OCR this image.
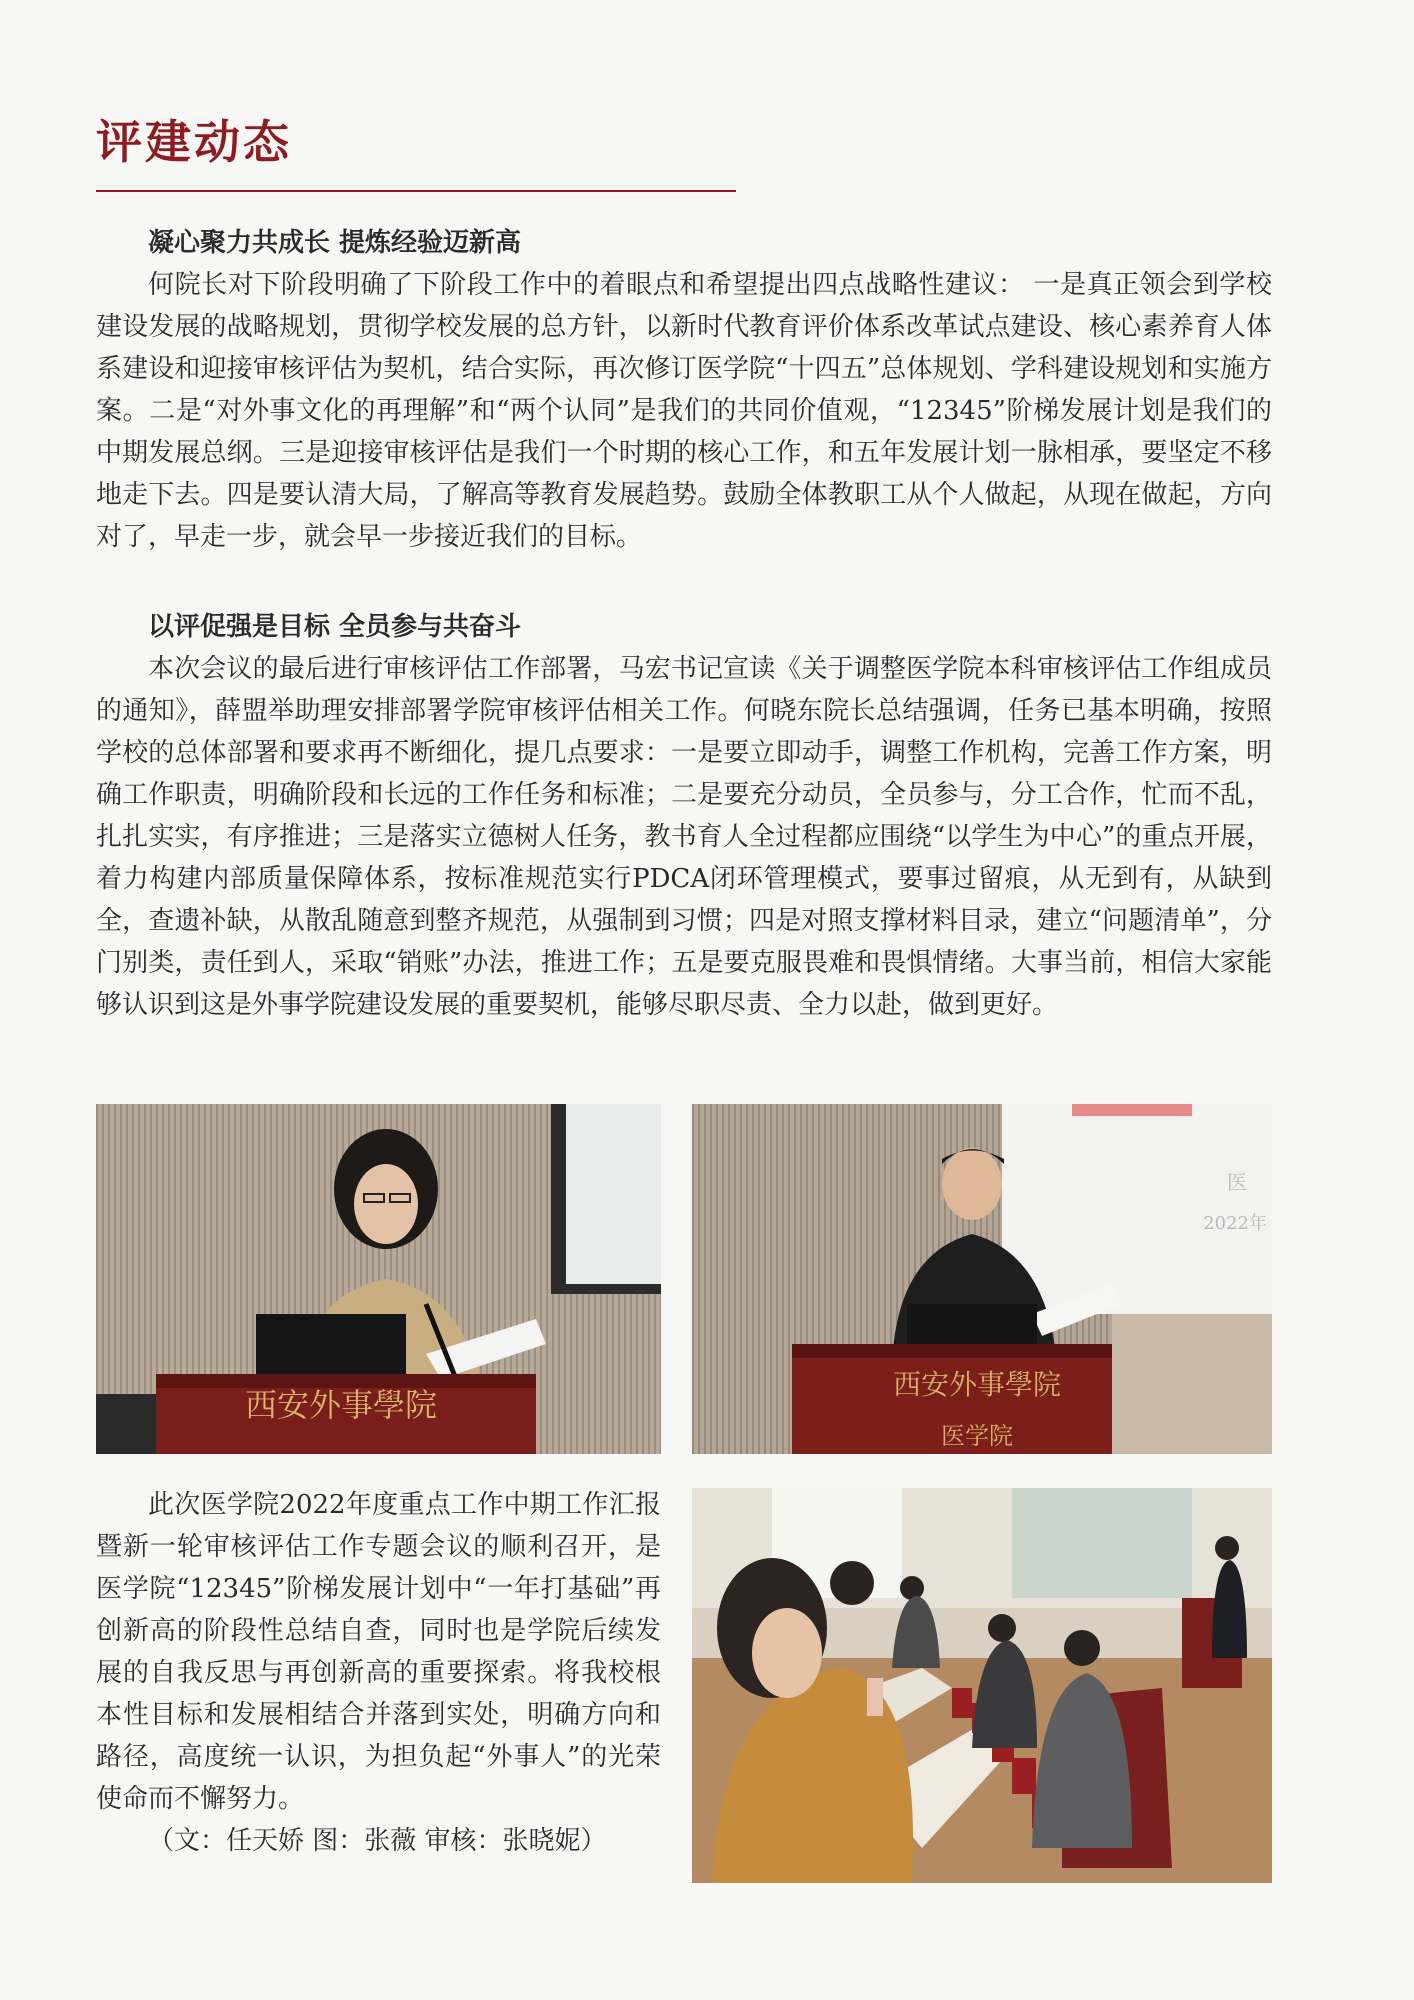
评建动态
凝心聚力共成长 提炼经验迈新高

何院长对下阶段明确了下阶段工作中的着眼点和希望提出四点战略性建议： 一是真正领会到学校建设发展的战略规划，贯彻学校发展的总方针，以新时代教育评价体系改革试点建设、核心素养育人体系建设和迎接审核评估为契机，结合实际，再次修订医学院“十四五”总体规划、学科建设规划和实施方案。二是“对外事文化的再理解”和“两个认同”是我们的共同价值观，“12345”阶梯发展计划是我们的中期发展总纲。三是迎接审核评估是我们一个时期的核心工作，和五年发展计划一脉相承，要坚定不移地走下去。四是要认清大局，了解高等教育发展趋势。鼓励全体教职工从个人做起，从现在做起，方向对了，早走一步，就会早一步接近我们的目标。

以评促强是目标 全员参与共奋斗

本次会议的最后进行审核评估工作部署，马宏书记宣读《关于调整医学院本科审核评估工作组成员的通知》，薛盟举助理安排部署学院审核评估相关工作。何晓东院长总结强调，任务已基本明确，按照学校的总体部署和要求再不断细化，提几点要求：一是要立即动手，调整工作机构，完善工作方案，明确工作职责，明确阶段和长远的工作任务和标准；二是要充分动员，全员参与，分工合作，忙而不乱，扎扎实实，有序推进；三是落实立德树人任务，教书育人全过程都应围绕“以学生为中心”的重点开展，着力构建内部质量保障体系，按标准规范实行PDCA闭环管理模式，要事过留痕，从无到有，从缺到全，查遗补缺，从散乱随意到整齐规范，从强制到习惯；四是对照支撑材料目录，建立“问题清单”，分门别类，责任到人，采取“销账”办法，推进工作；五是要克服畏难和畏惧情绪。大事当前，相信大家能够认识到这是外事学院建设发展的重要契机，能够尽职尽责、全力以赴，做到更好。

西安外事學院
医
2022年
西安外事學院
医学院

此次医学院2022年度重点工作中期工作汇报暨新一轮审核评估工作专题会议的顺利召开，是医学院“12345”阶梯发展计划中“一年打基础”再创新高的阶段性总结自查，同时也是学院后续发展的自我反思与再创新高的重要探索。将我校根本性目标和发展相结合并落到实处，明确方向和路径，高度统一认识，为担负起“外事人”的光荣使命而不懈努力。

（文：任天娇 图：张薇 审核：张晓妮）
